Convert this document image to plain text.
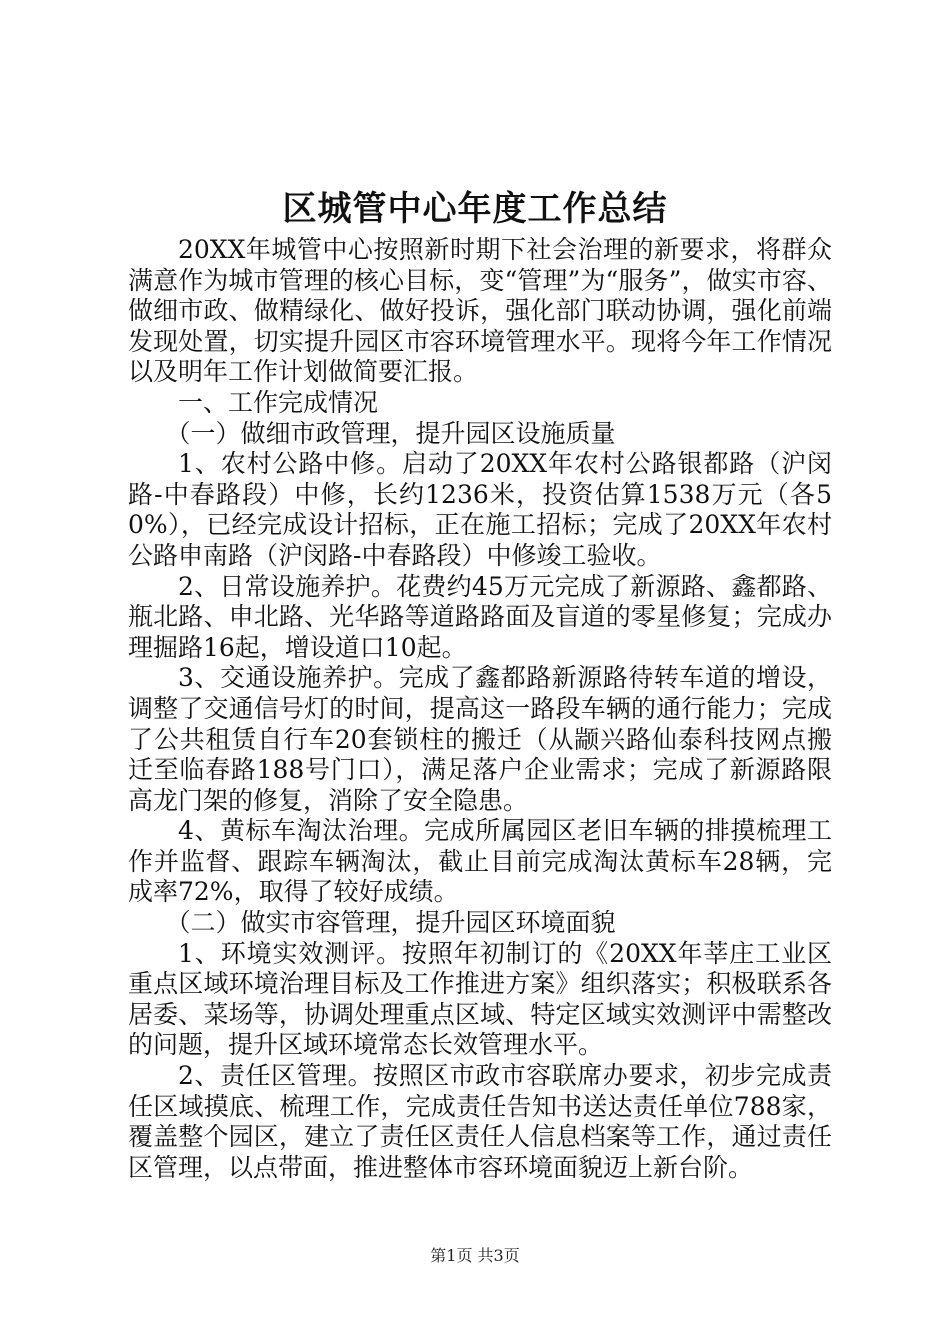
区城管中心年度工作总结

20XX年城管中心按照新时期下社会治理的新要求，将群众满意作为城市管理的核心目标，变“管理”为“服务”，做实市容、做细市政、做精绿化、做好投诉，强化部门联动协调，强化前端发现处置，切实提升园区市容环境管理水平。现将今年工作情况以及明年工作计划做简要汇报。

一、工作完成情况

（一）做细市政管理，提升园区设施质量

1、农村公路中修。启动了20XX年农村公路银都路（沪闵路-中春路段）中修，长约1236米，投资估算1538万元（各50%），已经完成设计招标，正在施工招标；完成了20XX年农村公路申南路（沪闵路-中春路段）中修竣工验收。

2、日常设施养护。花费约45万元完成了新源路、鑫都路、瓶北路、申北路、光华路等道路路面及盲道的零星修复；完成办理掘路16起，增设道口10起。

3、交通设施养护。完成了鑫都路新源路待转车道的增设，调整了交通信号灯的时间，提高这一路段车辆的通行能力；完成了公共租赁自行车20套锁柱的搬迁（从颛兴路仙泰科技网点搬迁至临春路188号门口），满足落户企业需求；完成了新源路限高龙门架的修复，消除了安全隐患。

4、黄标车淘汰治理。完成所属园区老旧车辆的排摸梳理工作并监督、跟踪车辆淘汰，截止目前完成淘汰黄标车28辆，完成率72%，取得了较好成绩。

（二）做实市容管理，提升园区环境面貌

1、环境实效测评。按照年初制订的《20XX年莘庄工业区重点区域环境治理目标及工作推进方案》组织落实；积极联系各居委、菜场等，协调处理重点区域、特定区域实效测评中需整改的问题，提升区域环境常态长效管理水平。

2、责任区管理。按照区市政市容联席办要求，初步完成责任区域摸底、梳理工作，完成责任告知书送达责任单位788家，覆盖整个园区，建立了责任区责任人信息档案等工作，通过责任区管理，以点带面，推进整体市容环境面貌迈上新台阶。

第1页 共3页
